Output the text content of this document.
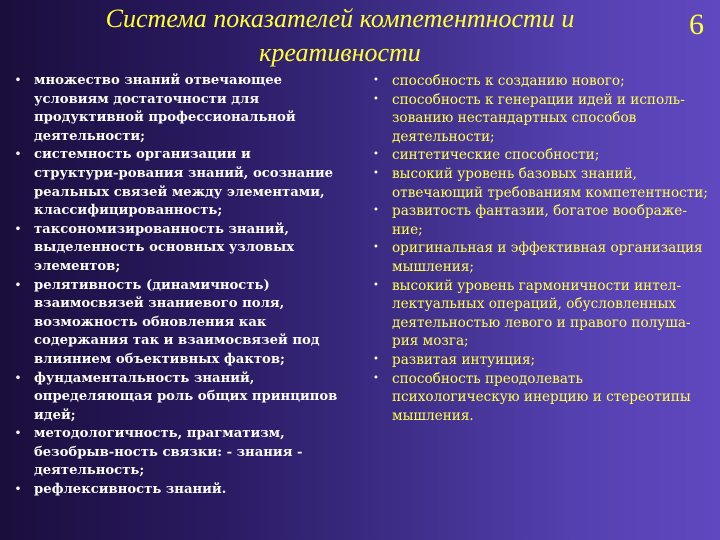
Система показателей компетентности и креативности
6
• множество знаний отвечающее условиям достаточности для продуктивной профессиональной деятельности;
• системность организации и структури-рования знаний, осознание реальных связей между элементами, классифицированность;
• таксономизированность знаний, выделенность основных узловых элементов;
• релятивность (динамичность) взаимосвязей знаниевого поля, возможность обновления как содержания так и взаимосвязей под влиянием объективных фактов;
• фундаментальность знаний, определяющая роль общих принципов идей;
• методологичность, прагматизм, безобрыв-ность связки: - знания - деятельность;
• рефлексивность знаний.
• способность к созданию нового;
• способность к генерации идей и исполь-зованию нестандартных способов деятельности;
• синтетические способности;
• высокий уровень базовых знаний, отвечающий требованиям компетентности;
• развитость фантазии, богатое воображе-ние;
• оригинальная и эффективная организация мышления;
• высокий уровень гармоничности интел-лектуальных операций, обусловленных деятельностью левого и правого полуша-рия мозга;
• развитая интуиция;
• способность преодолевать психологическую инерцию и стереотипы мышления.
